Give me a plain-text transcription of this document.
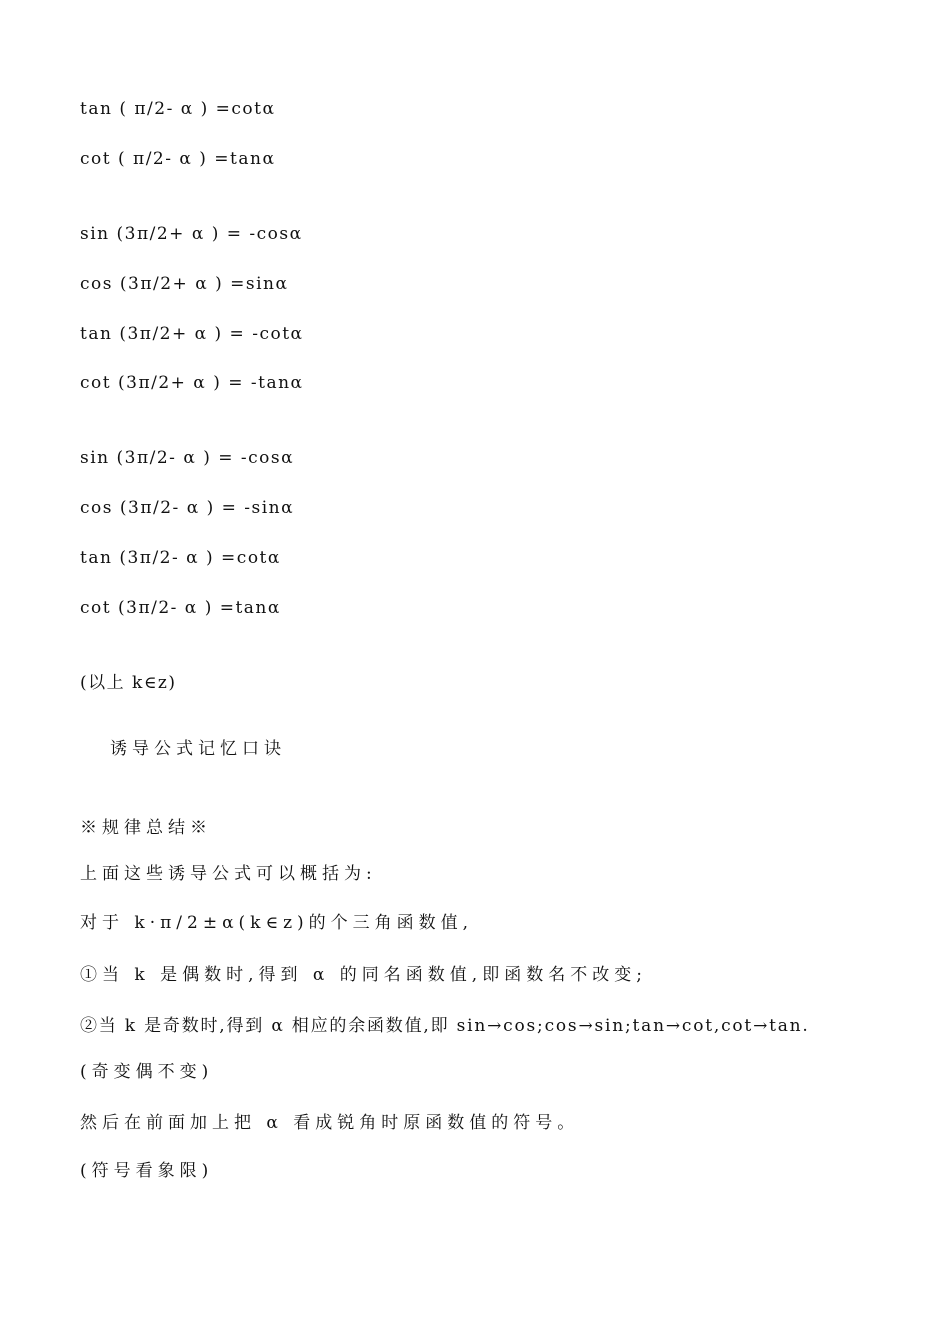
tan ( π/2- α ) =cotα
cot ( π/2- α ) =tanα
sin (3π/2+ α ) = -cosα
cos (3π/2+ α ) =sinα
tan (3π/2+ α ) = -cotα
cot (3π/2+ α ) = -tanα
sin (3π/2- α ) = -cosα
cos (3π/2- α ) = -sinα
tan (3π/2- α ) =cotα
cot (3π/2- α ) =tanα
(以上 k∈z)
诱导公式记忆口诀
※规律总结※
上面这些诱导公式可以概括为:
对于 k·π/2±α(k∈z)的个三角函数值,
①当 k 是偶数时,得到 α 的同名函数值,即函数名不改变;
②当 k 是奇数时,得到 α 相应的余函数值,即 sin→cos;cos→sin;tan→cot,cot→tan.
(奇变偶不变)
然后在前面加上把 α 看成锐角时原函数值的符号。
(符号看象限)
